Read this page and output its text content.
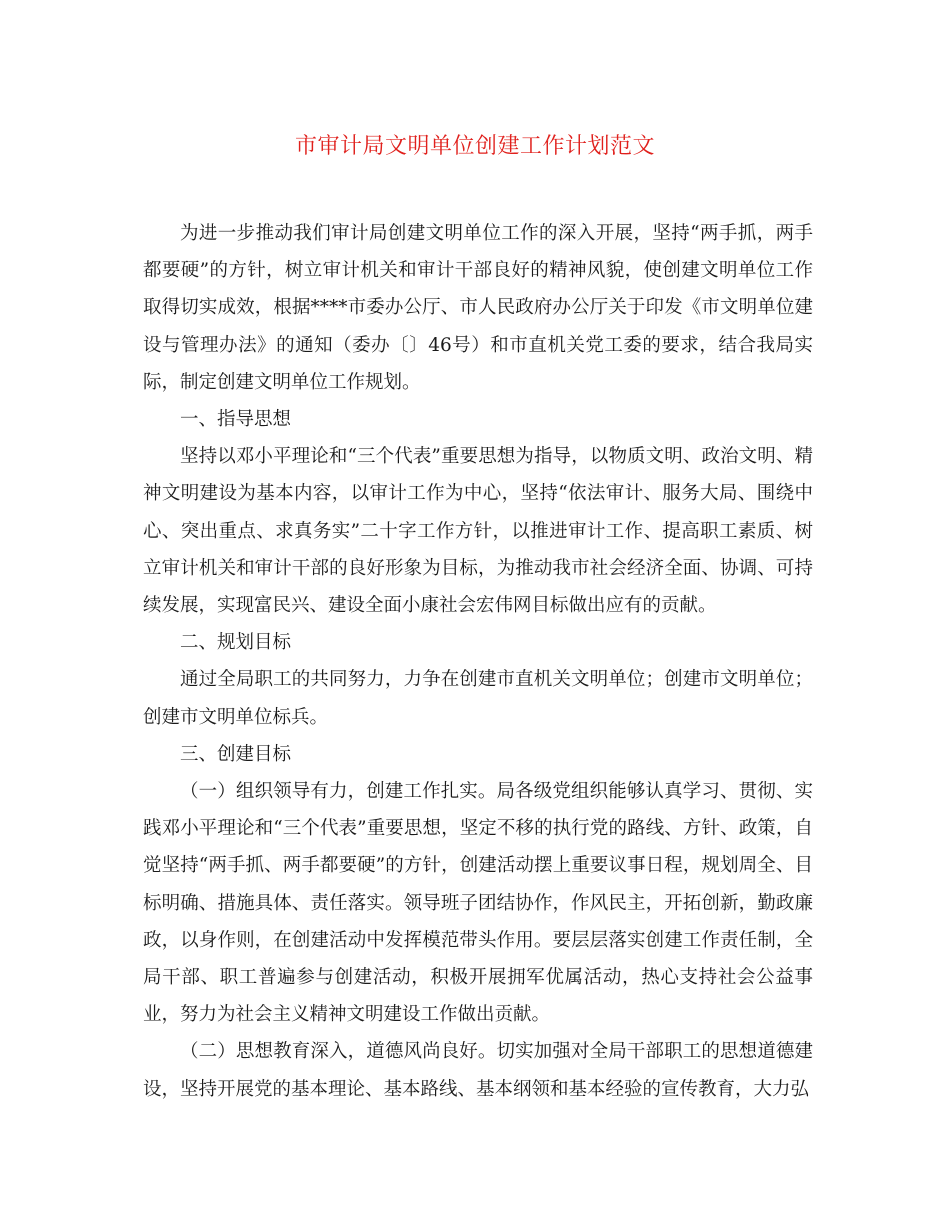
市审计局文明单位创建工作计划范文

为进一步推动我们审计局创建文明单位工作的深入开展，坚持“两手抓，两手都要硬”的方针，树立审计机关和审计干部良好的精神风貌，使创建文明单位工作取得切实成效，根据****市委办公厅、市人民政府办公厅关于印发《市文明单位建设与管理办法》的通知（委办〔〕46号）和市直机关党工委的要求，结合我局实际，制定创建文明单位工作规划。

一、指导思想

坚持以邓小平理论和“三个代表”重要思想为指导，以物质文明、政治文明、精神文明建设为基本内容，以审计工作为中心，坚持“依法审计、服务大局、围绕中心、突出重点、求真务实”二十字工作方针，以推进审计工作、提高职工素质、树立审计机关和审计干部的良好形象为目标，为推动我市社会经济全面、协调、可持续发展，实现富民兴、建设全面小康社会宏伟网目标做出应有的贡献。

二、规划目标

通过全局职工的共同努力，力争在创建市直机关文明单位；创建市文明单位；创建市文明单位标兵。

三、创建目标

（一）组织领导有力，创建工作扎实。局各级党组织能够认真学习、贯彻、实践邓小平理论和“三个代表”重要思想，坚定不移的执行党的路线、方针、政策，自觉坚持“两手抓、两手都要硬”的方针，创建活动摆上重要议事日程，规划周全、目标明确、措施具体、责任落实。领导班子团结协作，作风民主，开拓创新，勤政廉政，以身作则，在创建活动中发挥模范带头作用。要层层落实创建工作责任制，全局干部、职工普遍参与创建活动，积极开展拥军优属活动，热心支持社会公益事业，努力为社会主义精神文明建设工作做出贡献。

（二）思想教育深入，道德风尚良好。切实加强对全局干部职工的思想道德建设，坚持开展党的基本理论、基本路线、基本纲领和基本经验的宣传教育，大力弘
